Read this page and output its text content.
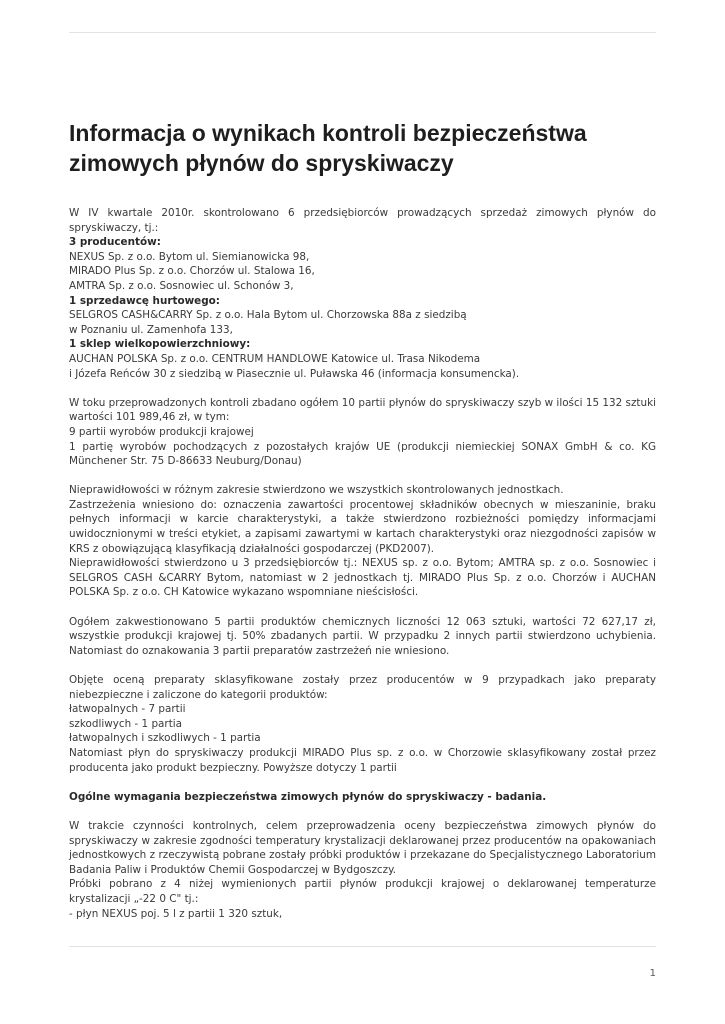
Informacja o wynikach kontroli bezpieczeństwa
zimowych płynów do spryskiwaczy

W IV kwartale 2010r. skontrolowano 6 przedsiębiorców prowadzących sprzedaż zimowych płynów do spryskiwaczy, tj.:

3 producentów:

NEXUS Sp. z o.o. Bytom ul. Siemianowicka 98,

MIRADO Plus Sp. z o.o. Chorzów ul. Stalowa 16,

AMTRA Sp. z o.o. Sosnowiec ul. Schonów 3,

1 sprzedawcę hurtowego:

SELGROS CASH&CARRY Sp. z o.o. Hala Bytom ul. Chorzowska 88a z siedzibą

w Poznaniu ul. Zamenhofa 133,

1 sklep wielkopowierzchniowy:

AUCHAN POLSKA Sp. z o.o. CENTRUM HANDLOWE Katowice ul. Trasa Nikodema

i Józefa Reńców 30 z siedzibą w Piasecznie ul. Puławska 46 (informacja konsumencka).

W toku przeprowadzonych kontroli zbadano ogółem 10 partii płynów do spryskiwaczy szyb w ilości 15 132 sztuki wartości 101 989,46 zł, w tym:

9 partii wyrobów produkcji krajowej

1 partię wyrobów pochodzących z pozostałych krajów UE (produkcji niemieckiej SONAX GmbH & co. KG Münchener Str. 75 D-86633 Neuburg/Donau)

Nieprawidłowości w różnym zakresie stwierdzono we wszystkich skontrolowanych jednostkach.

Zastrzeżenia wniesiono do: oznaczenia zawartości procentowej składników obecnych w mieszaninie, braku pełnych informacji w karcie charakterystyki, a także stwierdzono rozbieżności pomiędzy informacjami uwidocznionymi w treści etykiet, a zapisami zawartymi w kartach charakterystyki oraz niezgodności zapisów w KRS z obowiązującą klasyfikacją działalności gospodarczej (PKD2007).

Nieprawidłowości stwierdzono u 3 przedsiębiorców tj.: NEXUS sp. z o.o. Bytom; AMTRA sp. z o.o. Sosnowiec i SELGROS CASH &CARRY Bytom, natomiast w 2 jednostkach tj. MIRADO Plus Sp. z o.o. Chorzów i AUCHAN POLSKA Sp. z o.o. CH Katowice wykazano wspomniane nieścisłości.

Ogółem zakwestionowano 5 partii produktów chemicznych liczności 12 063 sztuki, wartości 72 627,17 zł, wszystkie produkcji krajowej tj. 50% zbadanych partii. W przypadku 2 innych partii stwierdzono uchybienia. Natomiast do oznakowania 3 partii preparatów zastrzeżeń nie wniesiono.

Objęte oceną preparaty sklasyfikowane zostały przez producentów w 9 przypadkach jako preparaty niebezpieczne i zaliczone do kategorii produktów:

łatwopalnych - 7 partii

szkodliwych - 1 partia

łatwopalnych i szkodliwych - 1 partia

Natomiast płyn do spryskiwaczy produkcji MIRADO Plus sp. z o.o. w Chorzowie sklasyfikowany został przez producenta jako produkt bezpieczny. Powyższe dotyczy 1 partii

Ogólne wymagania bezpieczeństwa zimowych płynów do spryskiwaczy - badania.

W trakcie czynności kontrolnych, celem przeprowadzenia oceny bezpieczeństwa zimowych płynów do spryskiwaczy w zakresie zgodności temperatury krystalizacji deklarowanej przez producentów na opakowaniach jednostkowych z rzeczywistą pobrane zostały próbki produktów i przekazane do Specjalistycznego Laboratorium Badania Paliw i Produktów Chemii Gospodarczej w Bydgoszczy.

Próbki pobrano z 4 niżej wymienionych partii płynów produkcji krajowej o deklarowanej temperaturze krystalizacji „-22 0 C" tj.:

- płyn NEXUS poj. 5 l z partii 1 320 sztuk,

1
